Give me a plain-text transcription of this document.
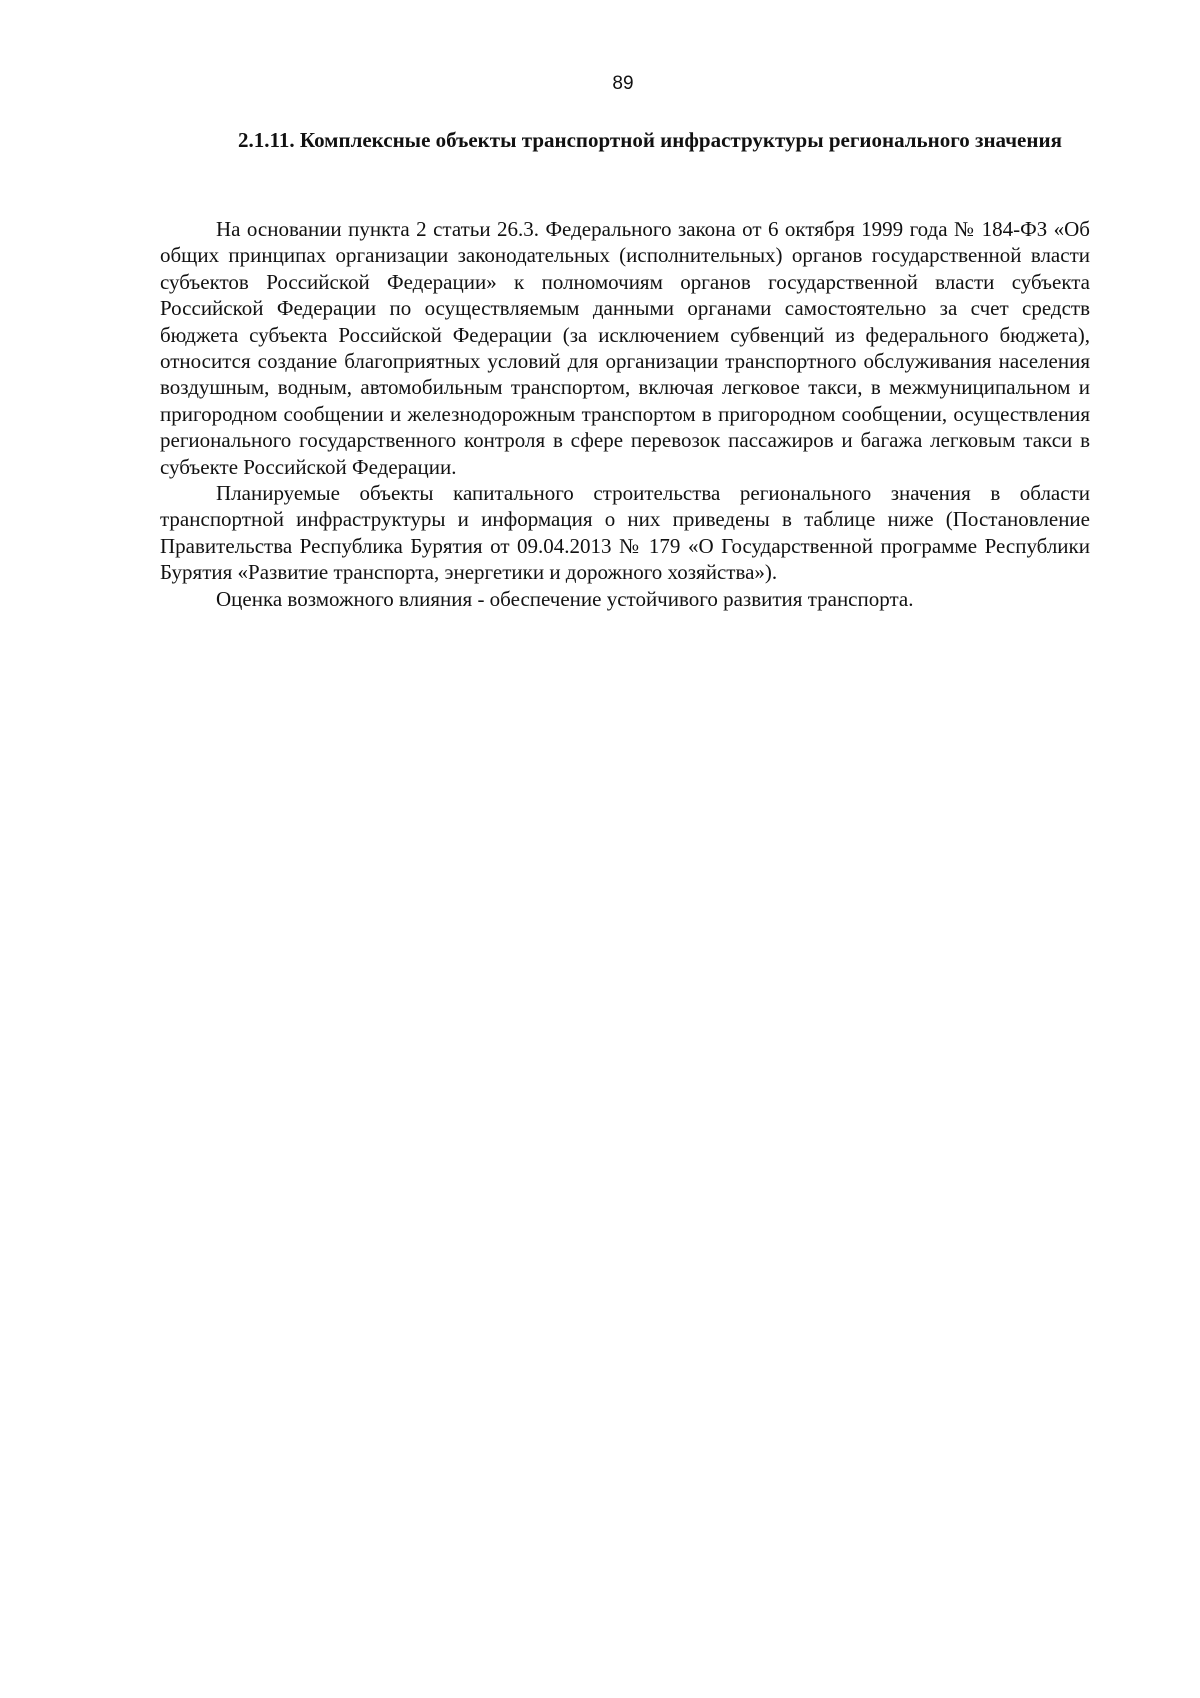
89
2.1.11. Комплексные объекты транспортной инфраструктуры регионального значения

На основании пункта 2 статьи 26.3. Федерального закона от 6 октября 1999 года № 184-ФЗ «Об общих принципах организации законодательных (исполнительных) органов государственной власти субъектов Российской Федерации» к полномочиям органов государственной власти субъекта Российской Федерации по осуществляемым данными органами самостоятельно за счет средств бюджета субъекта Российской Федерации (за исключением субвенций из федерального бюджета), относится создание благоприятных условий для организации транспортного обслуживания населения воздушным, водным, автомобильным транспортом, включая легковое такси, в межмуниципальном и пригородном сообщении и железнодорожным транспортом в пригородном сообщении, осуществления регионального государственного контроля в сфере перевозок пассажиров и багажа легковым такси в субъекте Российской Федерации.

Планируемые объекты капитального строительства регионального значения в области транспортной инфраструктуры и информация о них приведены в таблице ниже (Постановление Правительства Республика Бурятия от 09.04.2013 № 179 «О Государственной программе Республики Бурятия «Развитие транспорта, энергетики и дорожного хозяйства»).

Оценка возможного влияния - обеспечение устойчивого развития транспорта.
